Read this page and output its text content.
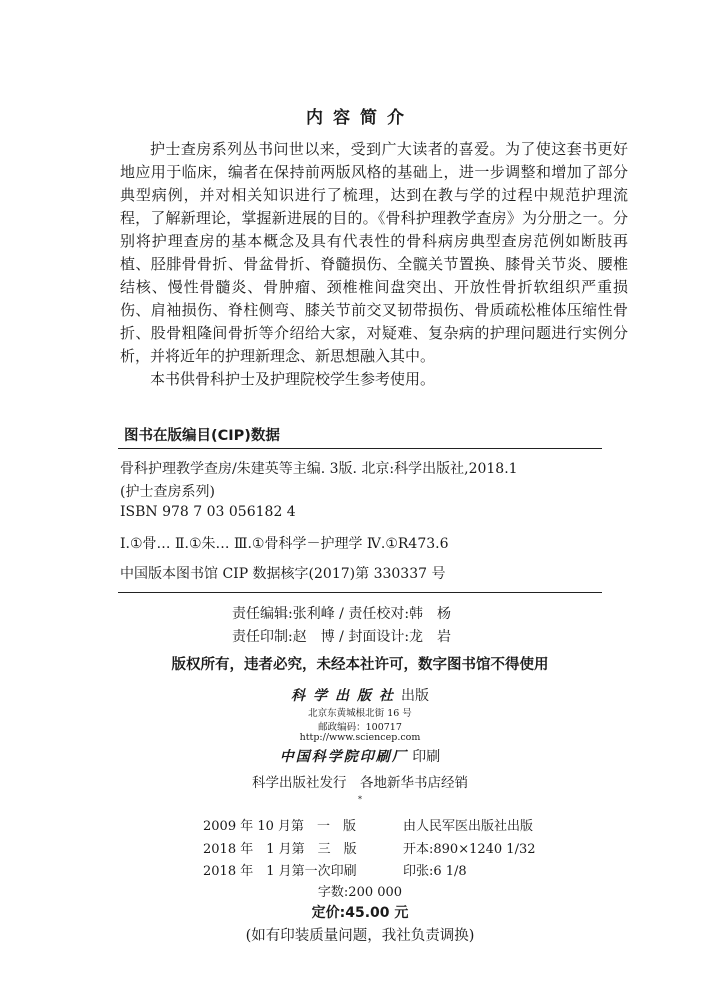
内容简介

护士查房系列丛书问世以来，受到广大读者的喜爱。为了使这套书更好地应用于临床，编者在保持前两版风格的基础上，进一步调整和增加了部分典型病例，并对相关知识进行了梳理，达到在教与学的过程中规范护理流程，了解新理论，掌握新进展的目的。《骨科护理教学查房》为分册之一。分别将护理查房的基本概念及具有代表性的骨科病房典型查房范例如断肢再植、胫腓骨骨折、骨盆骨折、脊髓损伤、全髋关节置换、膝骨关节炎、腰椎结核、慢性骨髓炎、骨肿瘤、颈椎椎间盘突出、开放性骨折软组织严重损伤、肩袖损伤、脊柱侧弯、膝关节前交叉韧带损伤、骨质疏松椎体压缩性骨折、股骨粗隆间骨折等介绍给大家，对疑难、复杂病的护理问题进行实例分析，并将近年的护理新理念、新思想融入其中。

本书供骨科护士及护理院校学生参考使用。

图书在版编目(CIP)数据
骨科护理教学查房/朱建英等主编. 3版. 北京:科学出版社,2018.1
(护士查房系列)
ISBN 978 7 03 056182 4
Ⅰ.①骨… Ⅱ.①朱… Ⅲ.①骨科学－护理学 Ⅳ.①R473.6
中国版本图书馆 CIP 数据核字(2017)第 330337 号
责任编辑:张利峰 / 责任校对:韩　杨
责任印制:赵　博 / 封面设计:龙　岩
版权所有，违者必究，未经本社许可，数字图书馆不得使用
科学出版社出版
北京东黄城根北街 16 号
邮政编码：100717
http://www.sciencep.com
中国科学院印刷厂 印刷
科学出版社发行　各地新华书店经销
*
2009 年 10 月第　一　版	由人民军医出版社出版
2018 年　1 月第　三　版	开本:890×1240 1/32
2018 年　1 月第一次印刷	印张:6 1/8
字数:200 000
定价:45.00 元
(如有印装质量问题，我社负责调换)
